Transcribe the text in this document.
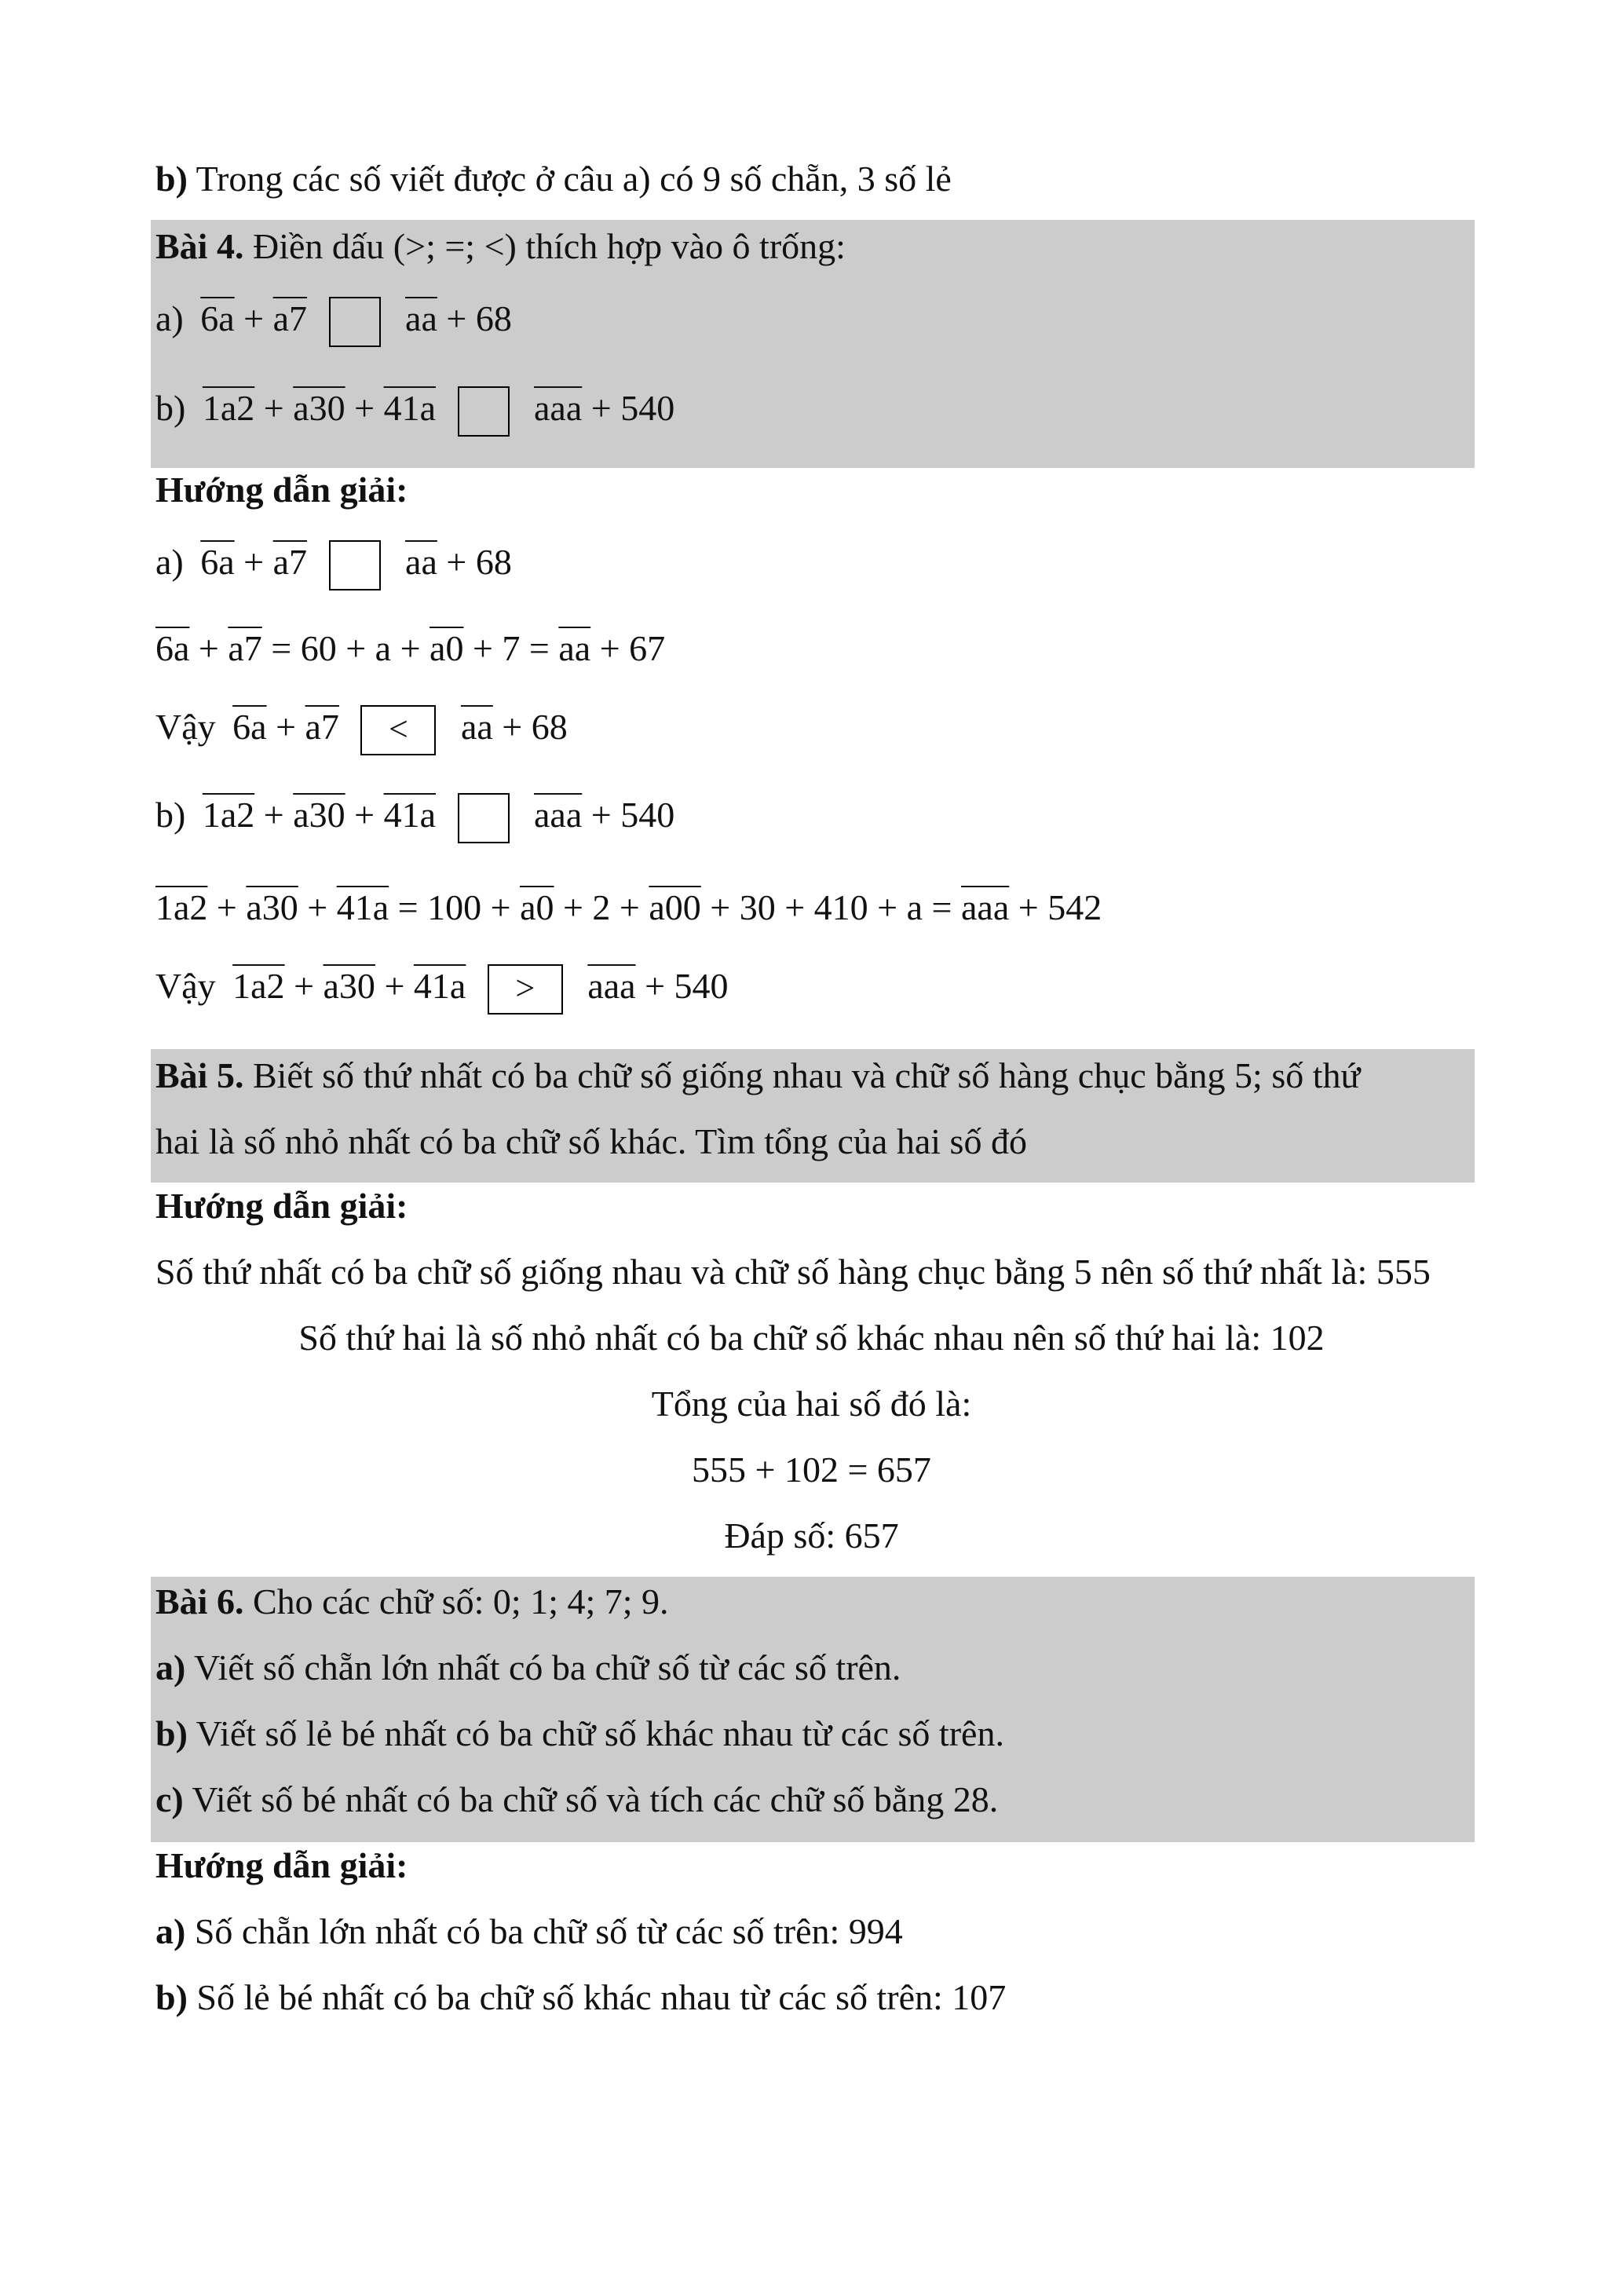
b) Trong các số viết được ở câu a) có 9 số chẵn, 3 số lẻ
Bài 4. Điền dấu (>; =; <) thích hợp vào ô trống:
a) 6a + a7	$\overline{aa} + 68$
b) 1a2 + a30 + 41a	$\overline{aaa} + 540$
Hướng dẫn giải:
a) 6a + a7	$\overline{aa} + 68$
$6a + a7 = 60 + a + a0 + 7 = \overline{aa} + 67$
Vậy $6a + a7 < \overline{aa} + 68$
b) 1a2 + a30 + 41a	$\overline{aaa} + 540$
$1a2 + a30 + 41a = 100 + a0 + 2 + a00 + 30 + 410 + a = \overline{aaa} + 542$
Vậy $1a2 + a30 + 41a > \overline{aaa} + 540$
Bài 5. Biết số thứ nhất có ba chữ số giống nhau và chữ số hàng chục bằng 5; số thứ
hai là số nhỏ nhất có ba chữ số khác. Tìm tổng của hai số đó
Hướng dẫn giải:
Số thứ nhất có ba chữ số giống nhau và chữ số hàng chục bằng 5 nên số thứ nhất là: 555
Số thứ hai là số nhỏ nhất có ba chữ số khác nhau nên số thứ hai là: 102
Tổng của hai số đó là:
555 + 102 = 657
Đáp số: 657
Bài 6. Cho các chữ số: 0; 1; 4; 7; 9.
a) Viết số chẵn lớn nhất có ba chữ số từ các số trên.
b) Viết số lẻ bé nhất có ba chữ số khác nhau từ các số trên.
c) Viết số bé nhất có ba chữ số và tích các chữ số bằng 28.
Hướng dẫn giải:
a) Số chẵn lớn nhất có ba chữ số từ các số trên: 994
b) Số lẻ bé nhất có ba chữ số khác nhau từ các số trên: 107
